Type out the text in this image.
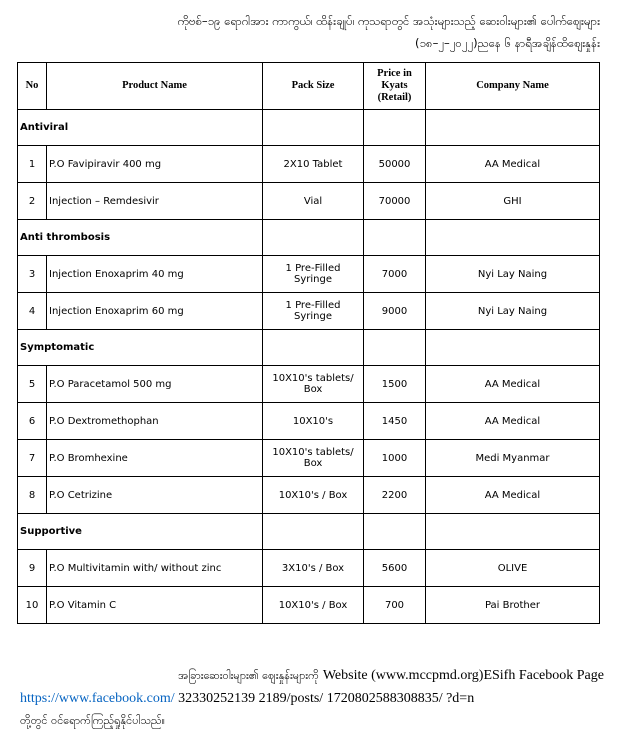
ကိုဗစ်–၁၉ ရောဂါအား ကာကွယ်၊ ထိန်းချုပ်၊ ကုသရာတွင် အသုံးများသည့် ဆေးဝါးများ၏ ပေါက်ဈေးများ
(၁၈–၂–၂၀၂၂)ညနေ ၆ နာရီအချိန်ထိဈေးနှုန်း
No	Product Name	Pack Size	Price in Kyats (Retail)	Company Name
Antiviral				
1	P.O Favipiravir 400 mg	2X10 Tablet	50000	AA Medical
2	Injection – Remdesivir	Vial	70000	GHI
Anti thrombosis				
3	Injection Enoxaprim 40 mg	1 Pre-Filled Syringe	7000	Nyi Lay Naing
4	Injection Enoxaprim 60 mg	1 Pre-Filled Syringe	9000	Nyi Lay Naing
Symptomatic				
5	P.O Paracetamol 500 mg	10X10's tablets/ Box	1500	AA Medical
6	P.O Dextromethophan	10X10's	1450	AA Medical
7	P.O Bromhexine	10X10's tablets/ Box	1000	Medi Myanmar
8	P.O Cetrizine	10X10's / Box	2200	AA Medical
Supportive				
9	P.O Multivitamin with/ without zinc	3X10's / Box	5600	OLIVE
10	P.O Vitamin C	10X10's / Box	700	Pai Brother
အခြားဆေးဝါးများ၏ ဈေးနှုန်းများကို Website (www.mccpmd.org)ESifh Facebook Page
https://www.facebook.com/ 32330252139 2189/posts/ 1720802588308835/ ?d=n
တို့တွင် ဝင်ရောက်ကြည့်ရှုနိုင်ပါသည်။
